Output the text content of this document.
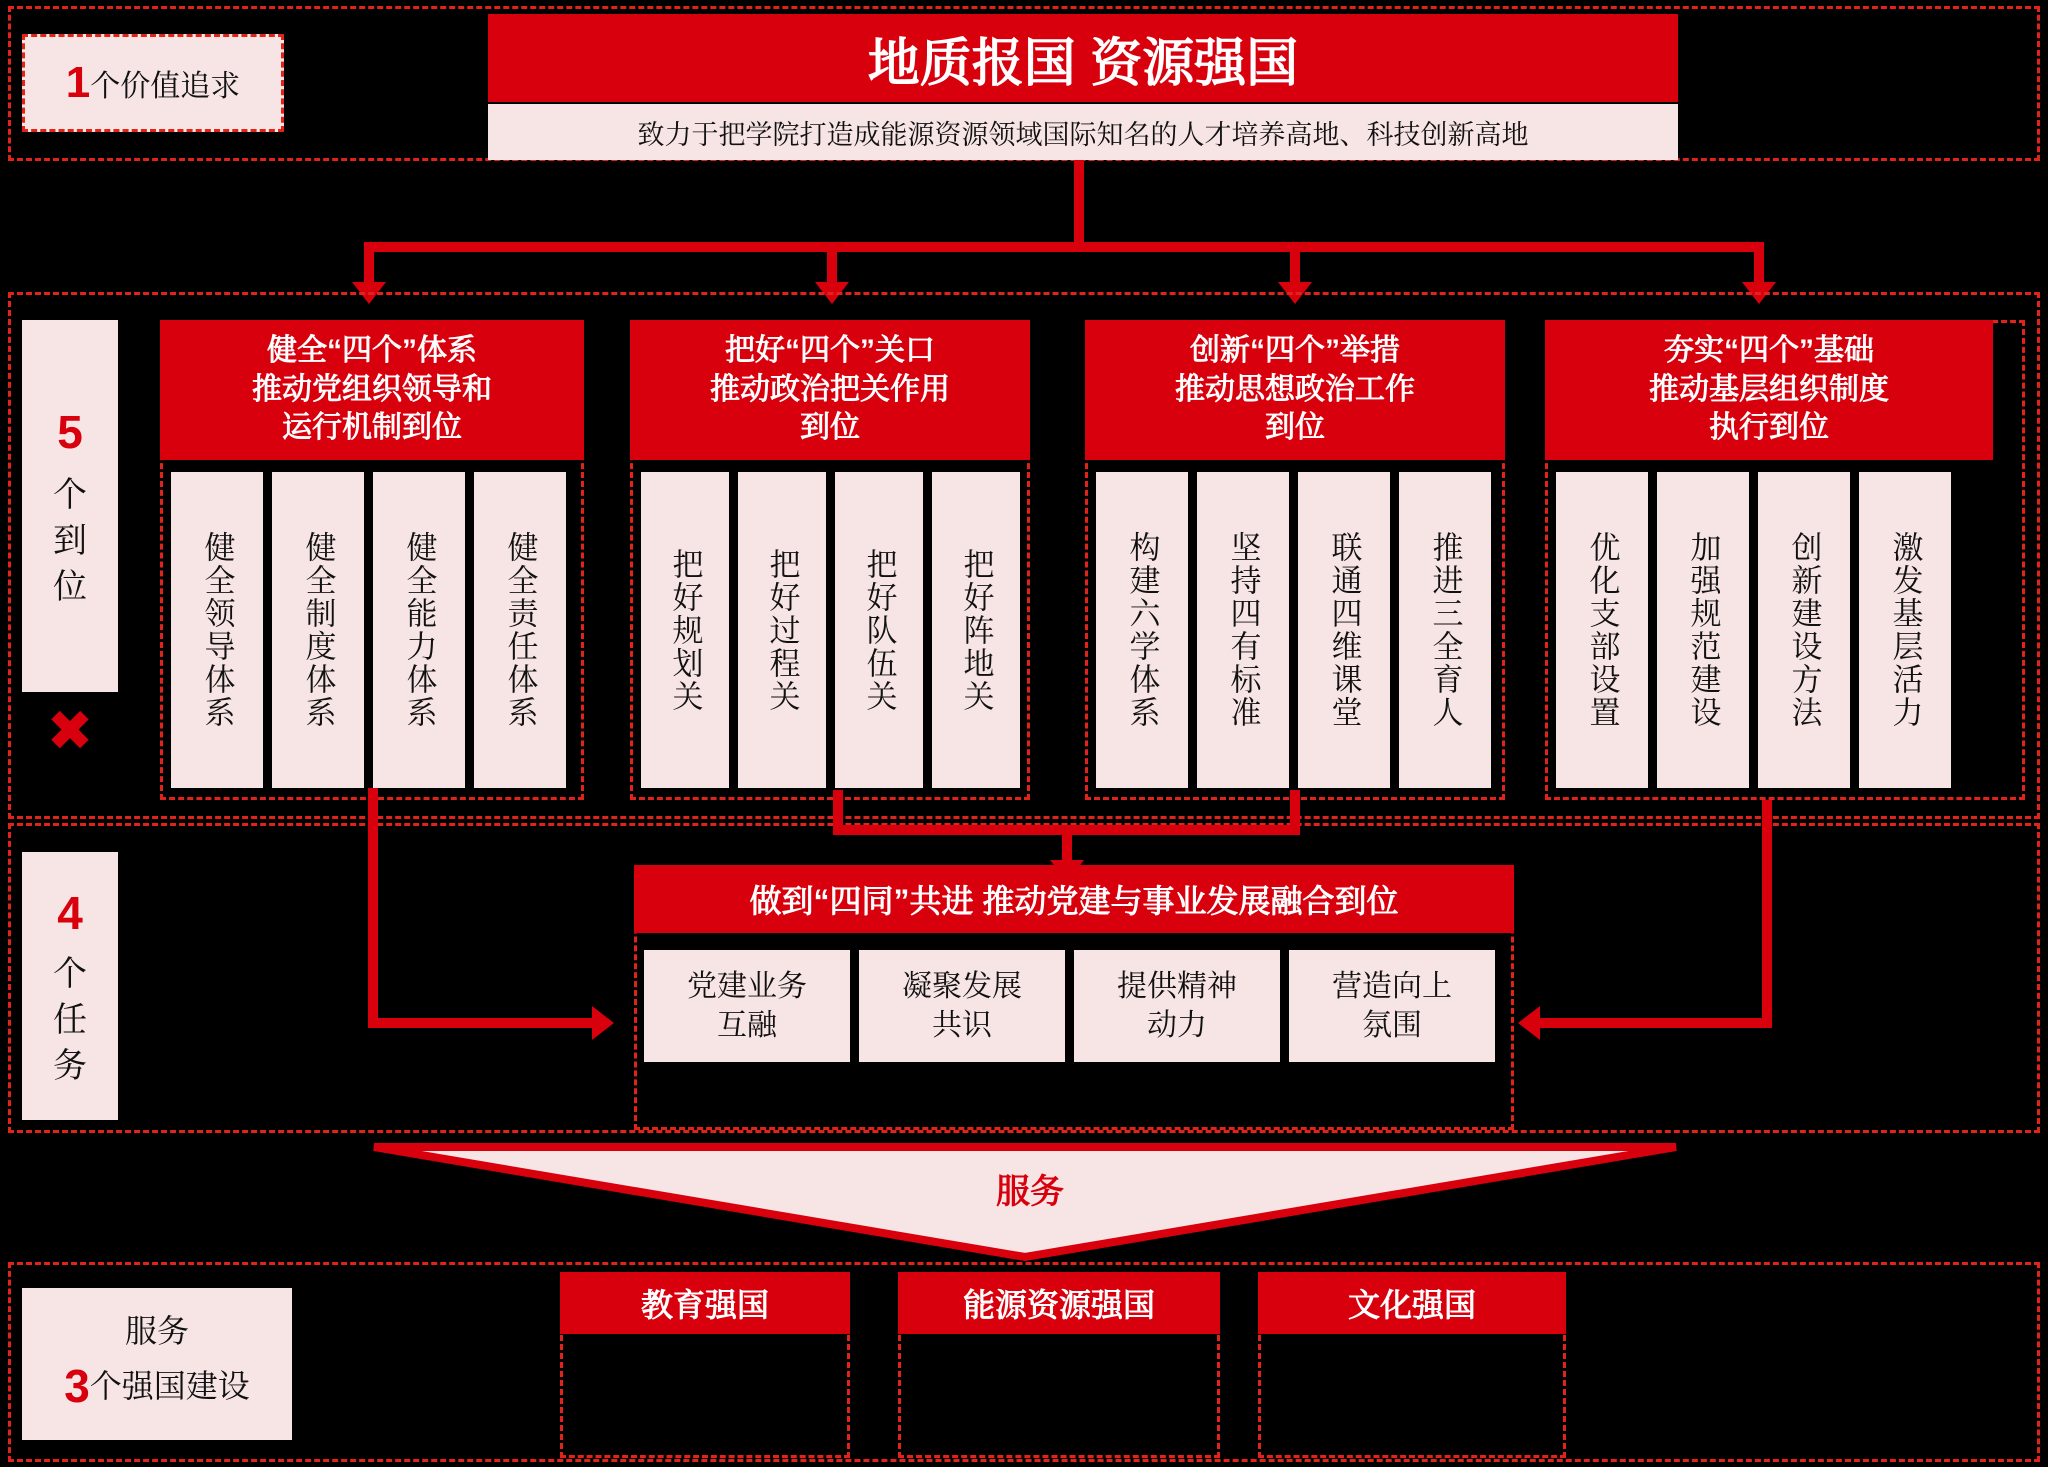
1 个价值追求	地质报国 资源强国
致力于把学院打造成能源资源领域国际知名的人才培养高地、科技创新高地
5
个
到
位
✖
健全“四个”体系
推动党组织领导和
运行机制到位
健全领导体系 健全制度体系 健全能力体系 健全责任体系
把好“四个”关口
推动政治把关作用
到位
把好规划关 把好过程关 把好队伍关 把好阵地关
创新“四个”举措
推动思想政治工作
到位
构建六学体系 坚持四有标准 联通四维课堂 推进三全育人
夯实“四个”基础
推动基层组织制度
执行到位
优化支部设置 加强规范建设 创新建设方法 激发基层活力
4
个
任
务
做到“四同”共进 推动党建与事业发展融合到位
党建业务
互融
凝聚发展
共识
提供精神
动力
营造向上
氛围
服务
服务
3 个强国建设
教育强国	能源资源强国	文化强国
